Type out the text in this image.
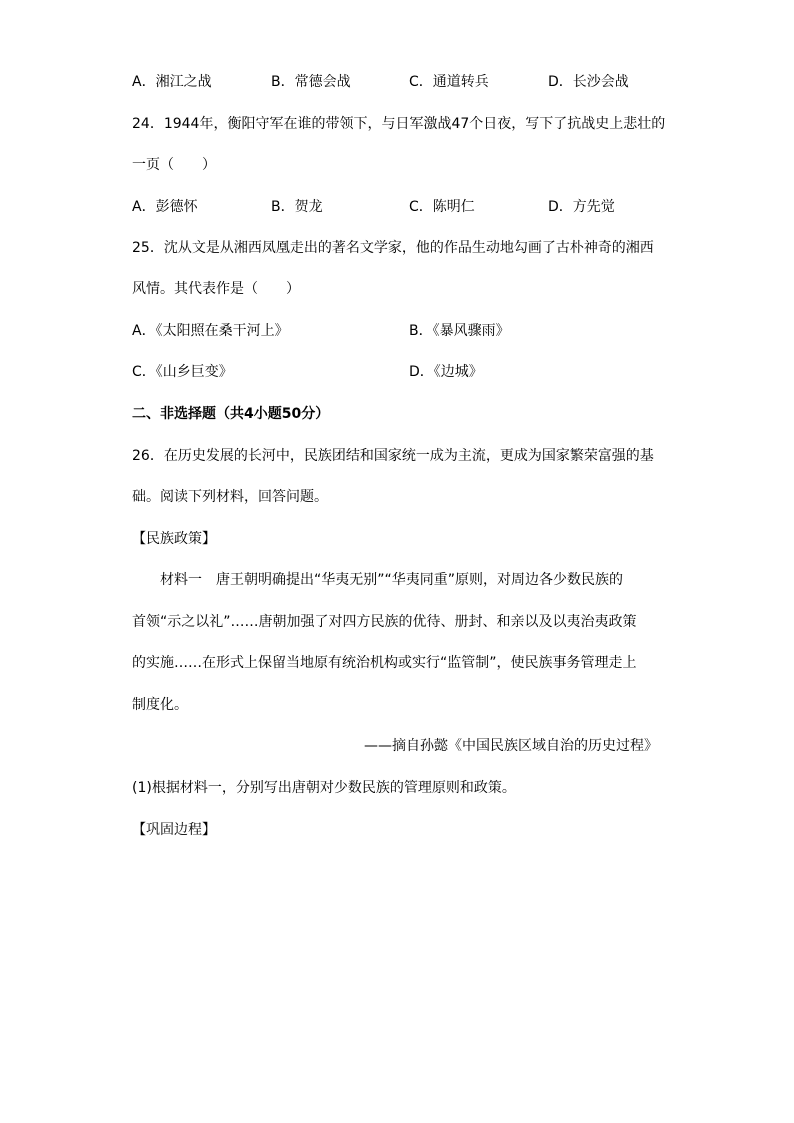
A．湘江之战	B．常德会战	C．通道转兵	D．长沙会战
24．1944年，衡阳守军在谁的带领下，与日军激战47个日夜，写下了抗战史上悲壮的
一页（　　）
A．彭德怀	B．贺龙	C．陈明仁	D．方先觉
25．沈从文是从湘西凤凰走出的著名文学家，他的作品生动地勾画了古朴神奇的湘西
风情。其代表作是（　　）
A．《太阳照在桑干河上》	B．《暴风骤雨》
C．《山乡巨变》	D．《边城》
二、非选择题（共4小题50分）
26．在历史发展的长河中，民族团结和国家统一成为主流，更成为国家繁荣富强的基
础。阅读下列材料，回答问题。
【民族政策】
材料一　唐王朝明确提出“华夷无别”“华夷同重”原则，对周边各少数民族的
首领“示之以礼”……唐朝加强了对四方民族的优待、册封、和亲以及以夷治夷政策
的实施……在形式上保留当地原有统治机构或实行“监管制”，使民族事务管理走上
制度化。
——摘自孙懿《中国民族区域自治的历史过程》
(1)根据材料一，分别写出唐朝对少数民族的管理原则和政策。
【巩固边程】
